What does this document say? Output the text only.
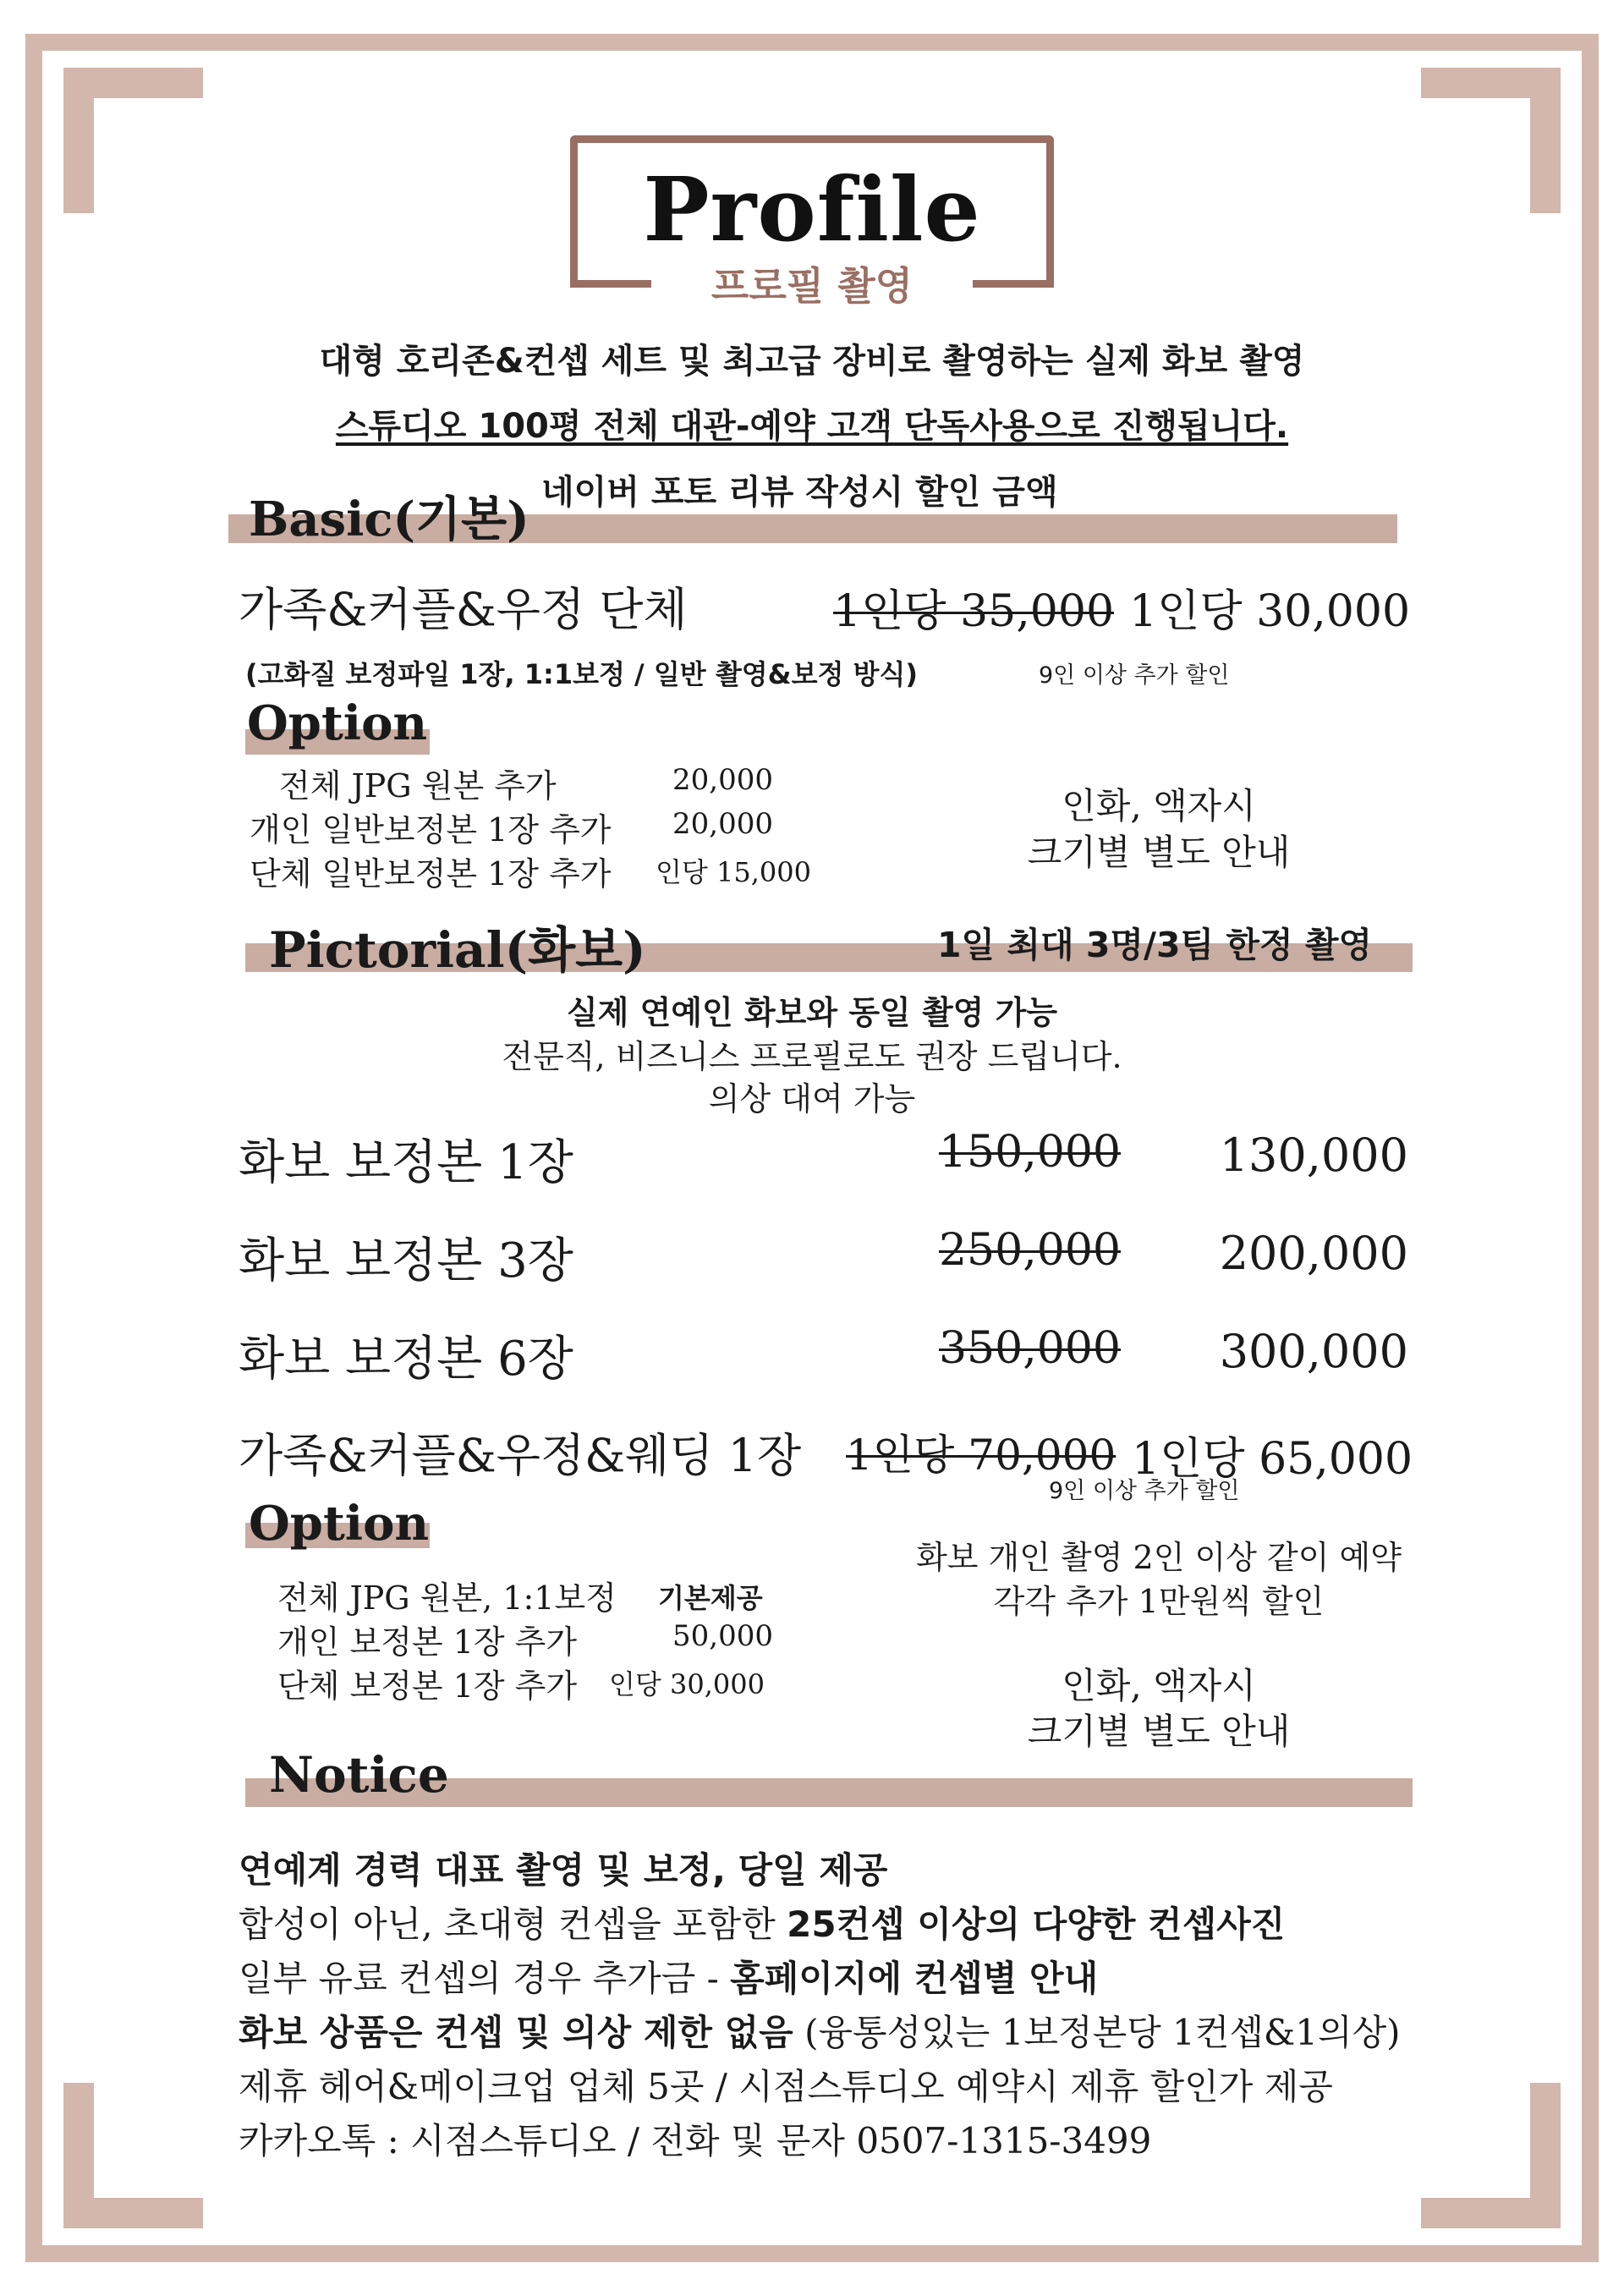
Profile
프로필 촬영
대형 호리존&컨셉 세트 및 최고급 장비로 촬영하는 실제 화보 촬영
스튜디오 100평 전체 대관-예약 고객 단독사용으로 진행됩니다.
Basic(기본) 네이버 포토 리뷰 작성시 할인 금액
가족&커플&우정 단체	1인당 35,000 1인당 30,000
(고화질 보정파일 1장, 1:1보정 / 일반 촬영&보정 방식)	9인 이상 추가 할인
Option
전체 JPG 원본 추가	20,000
개인 일반보정본 1장 추가 20,000
단체 일반보정본 1장 추가 인당 15,000
인화, 액자시
크기별 별도 안내
Pictorial(화보)	1일 최대 3명/3팀 한정 촬영
실제 연예인 화보와 동일 촬영 가능
전문직, 비즈니스 프로필로도 권장 드립니다.
의상 대여 가능
화보 보정본 1장	150,000	130,000
화보 보정본 3장	250,000	200,000
화보 보정본 6장	350,000	300,000
가족&커플&우정&웨딩 1장 1인당 70,000 1인당 65,000
9인 이상 추가 할인
Option
전체 JPG 원본, 1:1보정 기본제공
개인 보정본 1장 추가	50,000
단체 보정본 1장 추가 인당 30,000
화보 개인 촬영 2인 이상 같이 예약
각각 추가 1만원씩 할인
인화, 액자시
크기별 별도 안내
Notice
연예계 경력 대표 촬영 및 보정, 당일 제공
합성이 아닌, 초대형 컨셉을 포함한 25컨셉 이상의 다양한 컨셉사진
일부 유료 컨셉의 경우 추가금 - 홈페이지에 컨셉별 안내
화보 상품은 컨셉 및 의상 제한 없음 (융통성있는 1보정본당 1컨셉&1의상)
제휴 헤어&메이크업 업체 5곳 / 시점스튜디오 예약시 제휴 할인가 제공
카카오톡 : 시점스튜디오 / 전화 및 문자 0507-1315-3499
